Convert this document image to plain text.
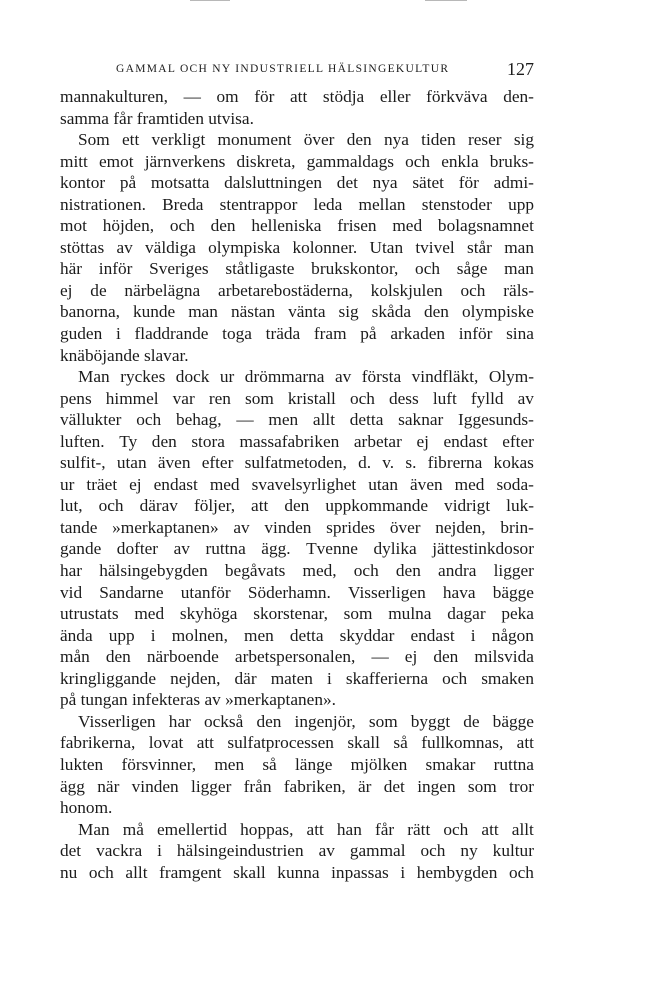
GAMMAL OCH NY INDUSTRIELL HÄLSINGEKULTUR	127
mannakulturen, — om för att stödja eller förkväva den-
samma får framtiden utvisa.
Som ett verkligt monument över den nya tiden reser sig
mitt emot järnverkens diskreta, gammaldags och enkla bruks-
kontor på motsatta dalsluttningen det nya sätet för admi-
nistrationen. Breda stentrappor leda mellan stenstoder upp
mot höjden, och den helleniska frisen med bolagsnamnet
stöttas av väldiga olympiska kolonner. Utan tvivel står man
här inför Sveriges ståtligaste brukskontor, och såge man
ej de närbelägna arbetarebostäderna, kolskjulen och räls-
banorna, kunde man nästan vänta sig skåda den olympiske
guden i fladdrande toga träda fram på arkaden inför sina
knäböjande slavar.
Man ryckes dock ur drömmarna av första vindfläkt, Olym-
pens himmel var ren som kristall och dess luft fylld av
vällukter och behag, — men allt detta saknar Iggesunds-
luften. Ty den stora massafabriken arbetar ej endast efter
sulfit-, utan även efter sulfatmetoden, d. v. s. fibrerna kokas
ur träet ej endast med svavelsyrlighet utan även med soda-
lut, och därav följer, att den uppkommande vidrigt luk-
tande »merkaptanen» av vinden sprides över nejden, brin-
gande dofter av ruttna ägg. Tvenne dylika jättestinkdosor
har hälsingebygden begåvats med, och den andra ligger
vid Sandarne utanför Söderhamn. Visserligen hava bägge
utrustats med skyhöga skorstenar, som mulna dagar peka
ända upp i molnen, men detta skyddar endast i någon
mån den närboende arbetspersonalen, — ej den milsvida
kringliggande nejden, där maten i skafferierna och smaken
på tungan infekteras av »merkaptanen».
Visserligen har också den ingenjör, som byggt de bägge
fabrikerna, lovat att sulfatprocessen skall så fullkomnas, att
lukten försvinner, men så länge mjölken smakar ruttna
ägg när vinden ligger från fabriken, är det ingen som tror
honom.
Man må emellertid hoppas, att han får rätt och att allt
det vackra i hälsingeindustrien av gammal och ny kultur
nu och allt framgent skall kunna inpassas i hembygden och
